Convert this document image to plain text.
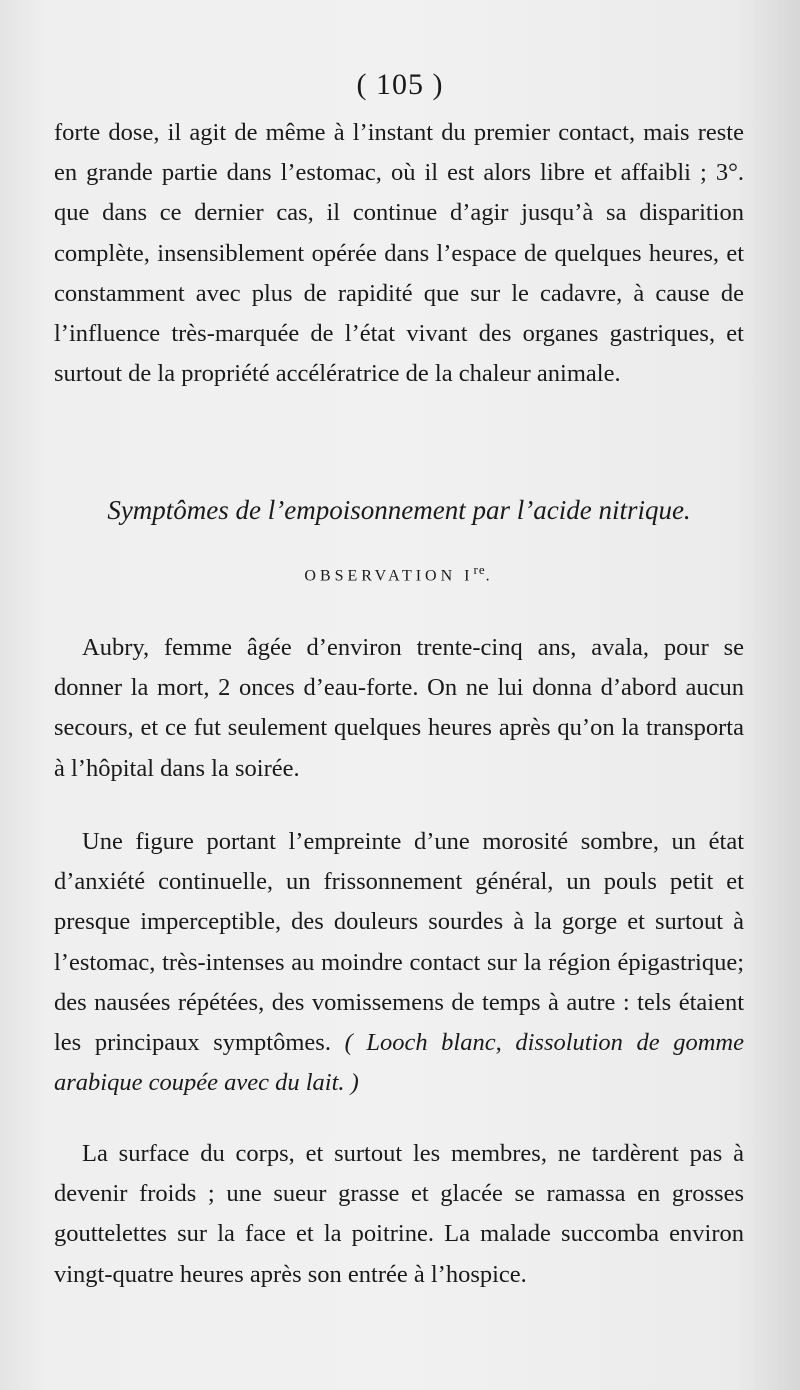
( 105 )
forte dose, il agit de même à l’instant du premier contact, mais reste en grande partie dans l’estomac, où il est alors libre et affaibli ; 3°. que dans ce dernier cas, il continue d’agir jusqu’à sa disparition complète, insensiblement opérée dans l’espace de quelques heures, et constamment avec plus de rapidité que sur le cadavre, à cause de l’influence très-marquée de l’état vivant des organes gastriques, et surtout de la propriété accélératrice de la chaleur animale.
Symptômes de l’empoisonnement par l’acide nitrique.
OBSERVATION Ire.
Aubry, femme âgée d’environ trente-cinq ans, avala, pour se donner la mort, 2 onces d’eau-forte. On ne lui donna d’abord aucun secours, et ce fut seulement quelques heures après qu’on la transporta à l’hôpital dans la soirée.
Une figure portant l’empreinte d’une morosité sombre, un état d’anxiété continuelle, un frissonnement général, un pouls petit et presque imperceptible, des douleurs sourdes à la gorge et surtout à l’estomac, très-intenses au moindre contact sur la région épigastrique; des nausées répétées, des vomissemens de temps à autre : tels étaient les principaux symptômes. ( Looch blanc, dissolution de gomme arabique coupée avec du lait. )
La surface du corps, et surtout les membres, ne tardèrent pas à devenir froids ; une sueur grasse et glacée se ramassa en grosses gouttelettes sur la face et la poitrine. La malade succomba environ vingt-quatre heures après son entrée à l’hospice.
